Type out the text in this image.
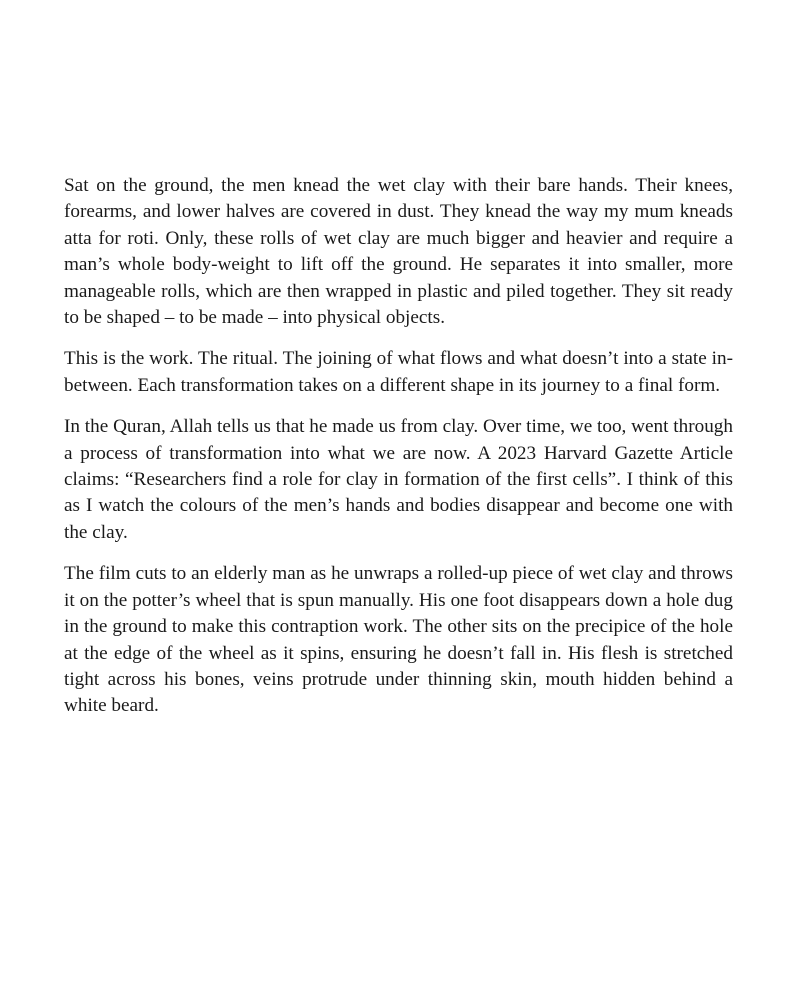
Sat on the ground, the men knead the wet clay with their bare hands. Their knees, forearms, and lower halves are covered in dust. They knead the way my mum kneads atta for roti. Only, these rolls of wet clay are much bigger and heavier and require a man’s whole body-weight to lift off the ground. He separates it into smaller, more manageable rolls, which are then wrapped in plastic and piled together. They sit ready to be shaped – to be made – into physical objects.

This is the work. The ritual. The joining of what flows and what doesn’t into a state in-between. Each transformation takes on a different shape in its journey to a final form.

In the Quran, Allah tells us that he made us from clay. Over time, we too, went through a process of transformation into what we are now. A 2023 Harvard Gazette Article claims: “Researchers find a role for clay in formation of the first cells”. I think of this as I watch the colours of the men’s hands and bodies disappear and become one with the clay.

The film cuts to an elderly man as he unwraps a rolled-up piece of wet clay and throws it on the potter’s wheel that is spun manually. His one foot disappears down a hole dug in the ground to make this contraption work. The other sits on the precipice of the hole at the edge of the wheel as it spins, ensuring he doesn’t fall in. His flesh is stretched tight across his bones, veins protrude under thinning skin, mouth hidden behind a white beard.
